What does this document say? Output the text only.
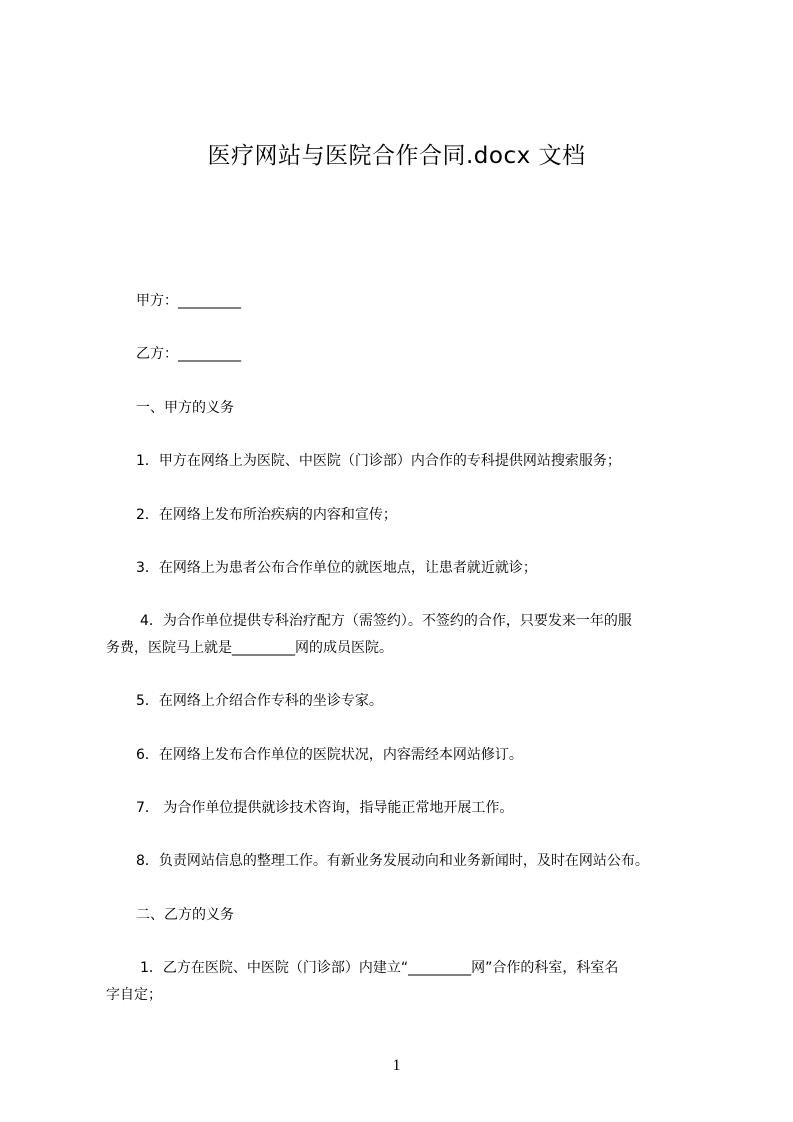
医疗网站与医院合作合同.docx 文档
甲方：_________
乙方：_________
一、甲方的义务
1．甲方在网络上为医院、中医院（门诊部）内合作的专科提供网站搜索服务；
2．在网络上发布所治疾病的内容和宣传；
3．在网络上为患者公布合作单位的就医地点，让患者就近就诊；
4．为合作单位提供专科治疗配方（需签约）。不签约的合作，只要发来一年的服
务费，医院马上就是_________网的成员医院。
5．在网络上介绍合作专科的坐诊专家。
6．在网络上发布合作单位的医院状况，内容需经本网站修订。
7． 为合作单位提供就诊技术咨询，指导能正常地开展工作。
8．负责网站信息的整理工作。有新业务发展动向和业务新闻时，及时在网站公布。
二、乙方的义务
1．乙方在医院、中医院（门诊部）内建立“_________网”合作的科室，科室名
字自定；
1
